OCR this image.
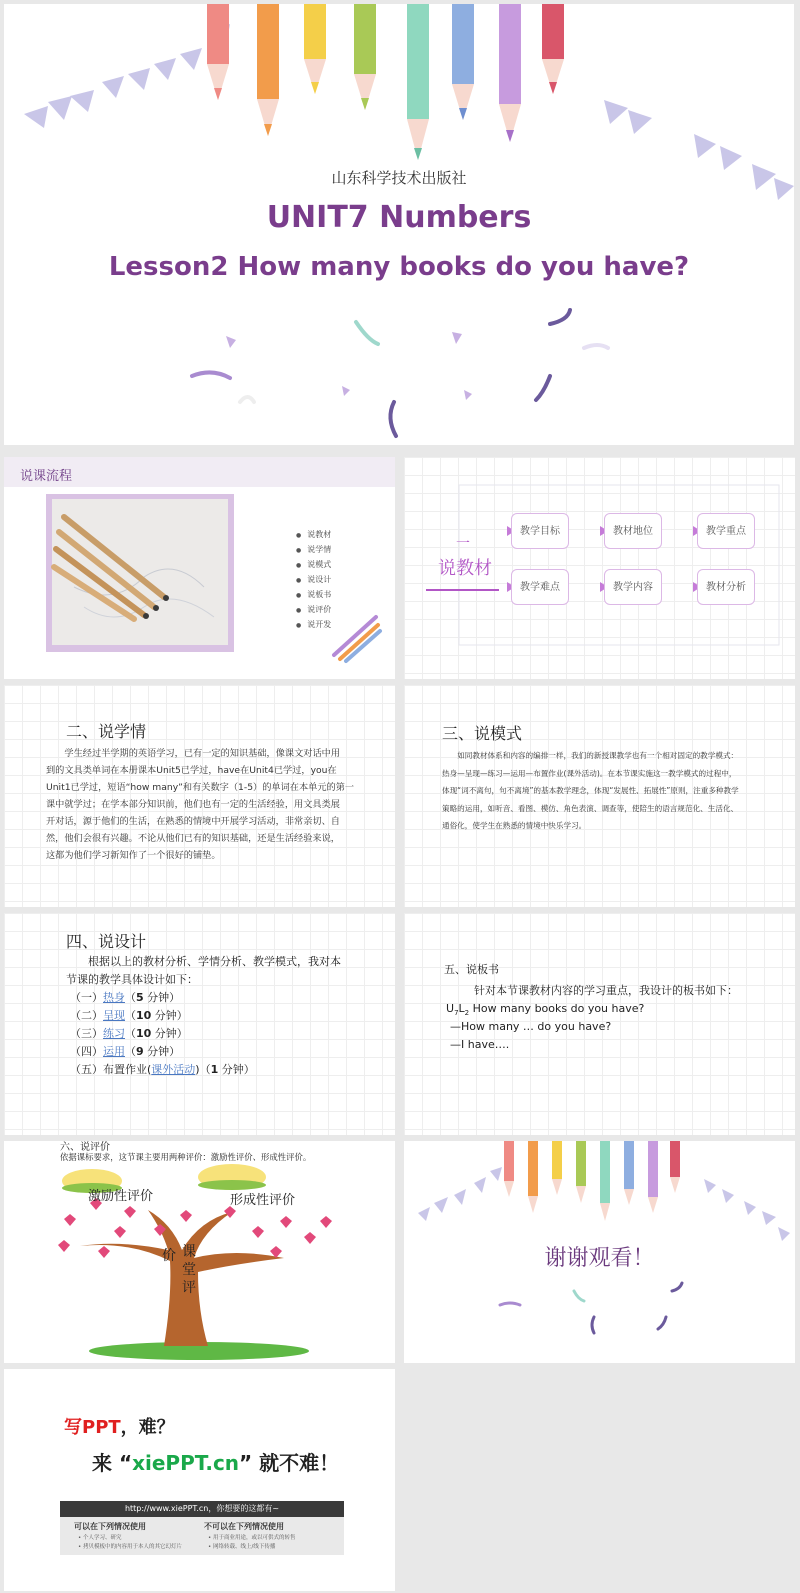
山东科学技术出版社
UNIT7 Numbers
Lesson2 How many books do you have?
说课流程
● 说教材
● 说学情
● 说模式
● 说设计
● 说板书
● 说评价
● 说开发
一
说教材
教学目标	教材地位	教学重点
教学难点	教学内容	教材分析
二、说学情
学生经过半学期的英语学习，已有一定的知识基础，像课文对话中用
到的文具类单词在本册课本Unit5已学过，have在Unit4已学过，you在
Unit1已学过，短语“how many”和有关数字（1-5）的单词在本单元的第一
课中就学过；在学本部分知识前，他们也有一定的生活经验，用文具类展
开对话，源于他们的生活，在熟悉的情境中开展学习活动，非常亲切、自
然，他们会很有兴趣。不论从他们已有的知识基础，还是生活经验来说，
这都为他们学习新知作了一个很好的铺垫。
三、说模式
如同教材体系和内容的编排一样，我们的新授课教学也有一个相对固定的教学模式：
热身—呈现—练习—运用—布置作业(课外活动)。在本节课实施这一教学模式的过程中，
体现“词不离句，句不离境”的基本教学理念，体现“发展性、拓展性”原则，注重多种教学
策略的运用，如听音、看图、模仿、角色表演、调查等，使陪生的语言规范化、生活化、
通俗化，使学生在熟悉的情境中快乐学习。
四、说设计
根据以上的教材分析、学情分析、教学模式，我对本
节课的教学具体设计如下：
（一）热身（5 分钟）
（二）呈现（10 分钟）
（三）练习（10 分钟）
（四）运用（9 分钟）
（五）布置作业(课外活动)（1 分钟）
五、说板书
针对本节课教材内容的学习重点，我设计的板书如下：
$U_7L_2$ How many books do you have?
—How many … do you have?
—I have….
六、说评价
依据课标要求，这节课主要用两种评价：激励性评价、形成性评价。
激励性评价	形成性评价
价 课
堂
评
谢谢观看！
写PPT，难？
来 “xiePPT.cn” 就不难！
http://www.xiePPT.cn，你想要的这都有~
可以在下列情况使用
• 个人学习、研究
• 拷贝模板中的内容用于本人的其它幻灯片
不可以在下列情况使用
• 用于商业用途，或以可供式的转售
• 网络转载、线上/线下传播
